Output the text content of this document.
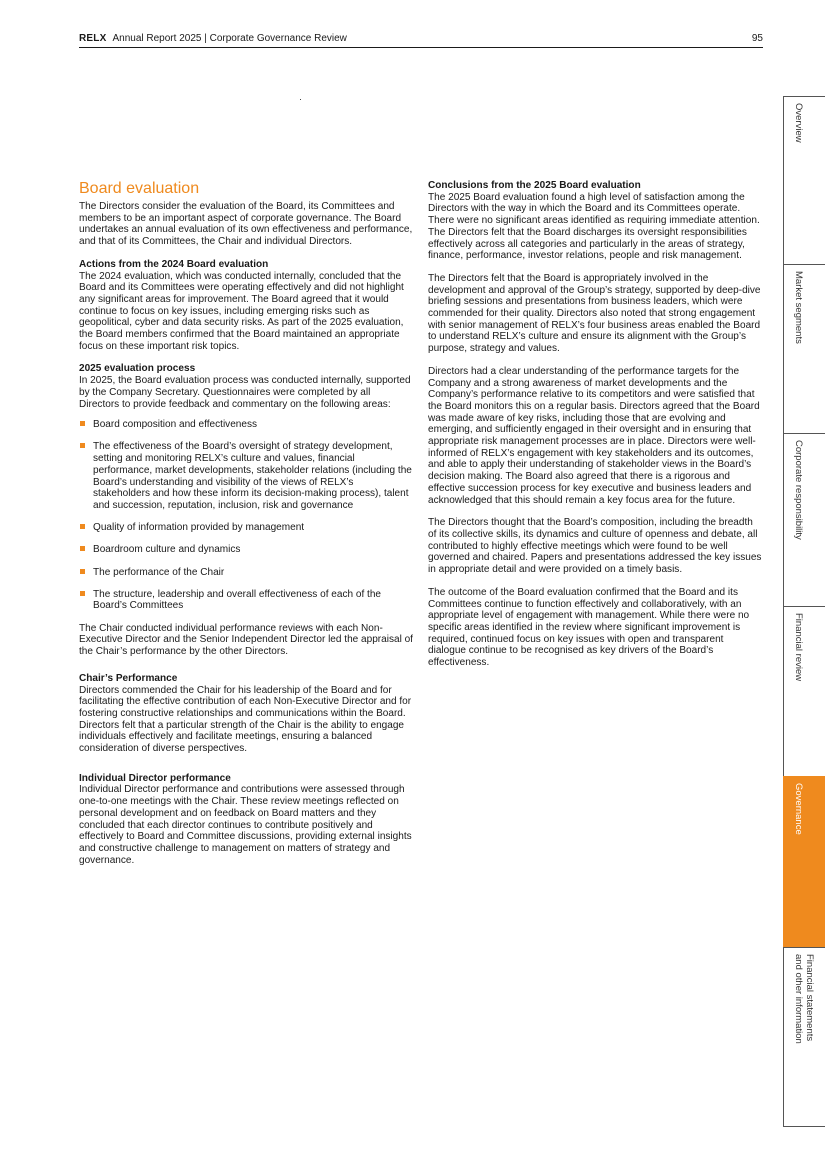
RELX Annual Report 2025 | Corporate Governance Review	95
Board evaluation

The Directors consider the evaluation of the Board, its Committees and members to be an important aspect of corporate governance. The Board undertakes an annual evaluation of its own effectiveness and performance, and that of its Committees, the Chair and individual Directors.

Actions from the 2024 Board evaluation

The 2024 evaluation, which was conducted internally, concluded that the Board and its Committees were operating effectively and did not highlight any significant areas for improvement. The Board agreed that it would continue to focus on key issues, including emerging risks such as geopolitical, cyber and data security risks. As part of the 2025 evaluation, the Board members confirmed that the Board maintained an appropriate focus on these important risk topics.

2025 evaluation process

In 2025, the Board evaluation process was conducted internally, supported by the Company Secretary. Questionnaires were completed by all Directors to provide feedback and commentary on the following areas:

Board composition and effectiveness
The effectiveness of the Board’s oversight of strategy development, setting and monitoring RELX’s culture and values, financial performance, market developments, stakeholder relations (including the Board’s understanding and visibility of the views of RELX’s stakeholders and how these inform its decision-making process), talent and succession, reputation, inclusion, risk and governance
Quality of information provided by management
Boardroom culture and dynamics
The performance of the Chair
The structure, leadership and overall effectiveness of each of the Board’s Committees

The Chair conducted individual performance reviews with each Non-Executive Director and the Senior Independent Director led the appraisal of the Chair’s performance by the other Directors.

Chair’s Performance

Directors commended the Chair for his leadership of the Board and for facilitating the effective contribution of each Non-Executive Director and for fostering constructive relationships and communications within the Board. Directors felt that a particular strength of the Chair is the ability to engage individuals effectively and facilitate meetings, ensuring a balanced consideration of diverse perspectives.

Individual Director performance

Individual Director performance and contributions were assessed through one-to-one meetings with the Chair. These review meetings reflected on personal development and on feedback on Board matters and they concluded that each director continues to contribute positively and effectively to Board and Committee discussions, providing external insights and constructive challenge to management on matters of strategy and governance.

Conclusions from the 2025 Board evaluation

The 2025 Board evaluation found a high level of satisfaction among the Directors with the way in which the Board and its Committees operate. There were no significant areas identified as requiring immediate attention. The Directors felt that the Board discharges its oversight responsibilities effectively across all categories and particularly in the areas of strategy, finance, performance, investor relations, people and risk management.

The Directors felt that the Board is appropriately involved in the development and approval of the Group’s strategy, supported by deep-dive briefing sessions and presentations from business leaders, which were commended for their quality. Directors also noted that strong engagement with senior management of RELX’s four business areas enabled the Board to understand RELX’s culture and ensure its alignment with the Group’s purpose, strategy and values.

Directors had a clear understanding of the performance targets for the Company and a strong awareness of market developments and the Company’s performance relative to its competitors and were satisfied that the Board monitors this on a regular basis. Directors agreed that the Board was made aware of key risks, including those that are evolving and emerging, and sufficiently engaged in their oversight and in ensuring that appropriate risk management processes are in place. Directors were well-informed of RELX’s engagement with key stakeholders and its outcomes, and able to apply their understanding of stakeholder views in the Board’s decision making. The Board also agreed that there is a rigorous and effective succession process for key executive and business leaders and acknowledged that this should remain a key focus area for the future.

The Directors thought that the Board’s composition, including the breadth of its collective skills, its dynamics and culture of openness and debate, all contributed to highly effective meetings which were found to be well governed and chaired. Papers and presentations addressed the key issues in appropriate detail and were provided on a timely basis.

The outcome of the Board evaluation confirmed that the Board and its Committees continue to function effectively and collaboratively, with an appropriate level of engagement with management. While there were no specific areas identified in the review where significant improvement is required, continued focus on key issues with open and transparent dialogue continue to be recognised as key drivers of the Board’s effectiveness.

Overview
Market segments
Corporate responsibility
Financial review
Governance
Financial statements
and other information
